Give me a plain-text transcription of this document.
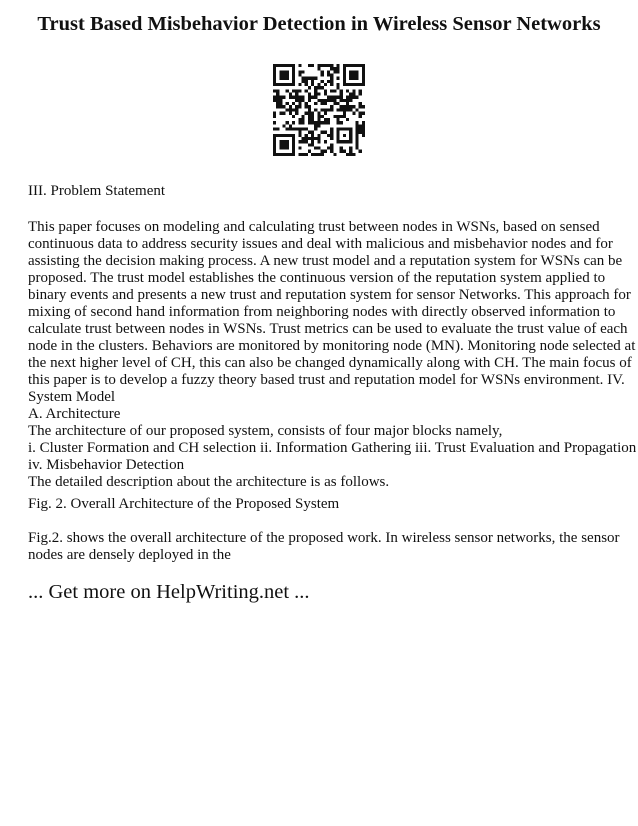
Trust Based Misbehavior Detection in Wireless Sensor Networks
III. Problem Statement
This paper focuses on modeling and calculating trust between nodes in WSNs, based on sensed
continuous data to address security issues and deal with malicious and misbehavior nodes and for
assisting the decision making process. A new trust model and a reputation system for WSNs can be
proposed. The trust model establishes the continuous version of the reputation system applied to
binary events and presents a new trust and reputation system for sensor Networks. This approach for
mixing of second hand information from neighboring nodes with directly observed information to
calculate trust between nodes in WSNs. Trust metrics can be used to evaluate the trust value of each
node in the clusters. Behaviors are monitored by monitoring node (MN). Monitoring node selected at
the next higher level of CH, this can also be changed dynamically along with CH. The main focus of
this paper is to develop a fuzzy theory based trust and reputation model for WSNs environment. IV.
System Model
A. Architecture
The architecture of our proposed system, consists of four major blocks namely,
i. Cluster Formation and CH selection ii. Information Gathering iii. Trust Evaluation and Propagation
iv. Misbehavior Detection
The detailed description about the architecture is as follows.
Fig. 2. Overall Architecture of the Proposed System
Fig.2. shows the overall architecture of the proposed work. In wireless sensor networks, the sensor
nodes are densely deployed in the
... Get more on HelpWriting.net ...
